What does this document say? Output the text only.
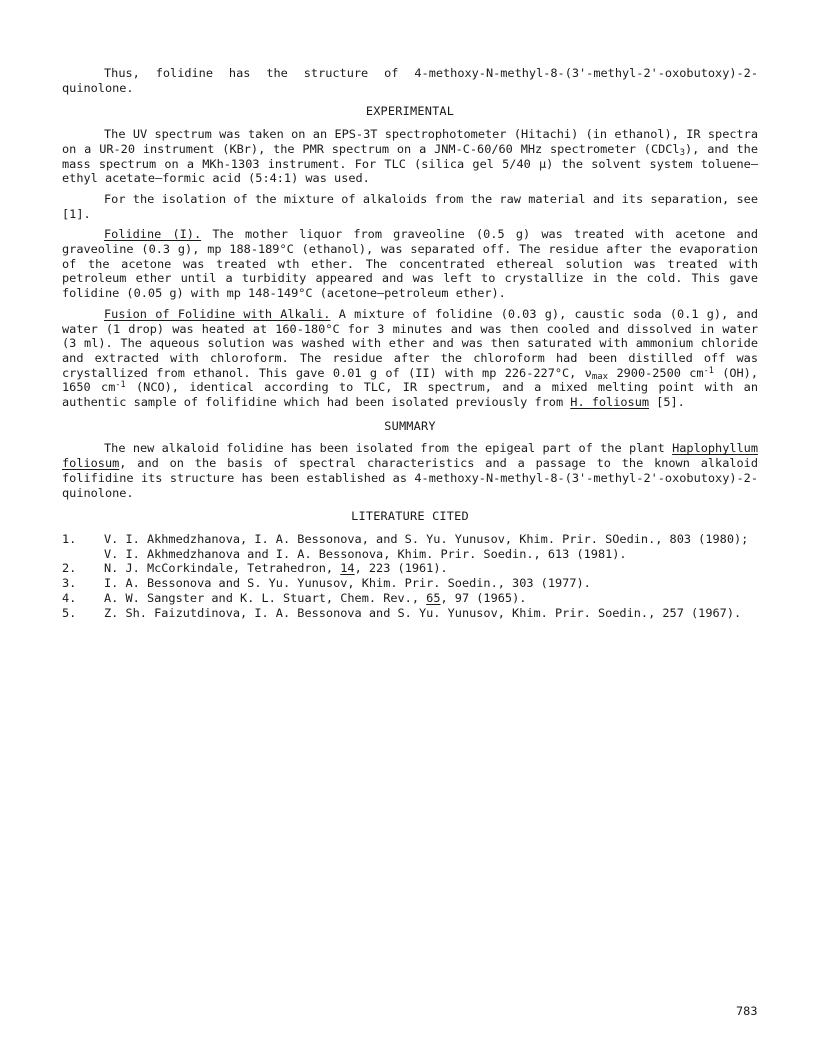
Thus, folidine has the structure of 4-methoxy-N-methyl-8-(3'-methyl-2'-oxobutoxy)-2-quinolone.

EXPERIMENTAL

The UV spectrum was taken on an EPS-3T spectrophotometer (Hitachi) (in ethanol), IR spectra on a UR-20 instrument (KBr), the PMR spectrum on a JNM-C-60/60 MHz spectrometer (CDCl$_3$), and the mass spectrum on a MKh-1303 instrument. For TLC (silica gel 5/40 μ) the solvent system toluene—ethyl acetate—formic acid (5:4:1) was used.

For the isolation of the mixture of alkaloids from the raw material and its separation, see [1].

Folidine (I). The mother liquor from graveoline (0.5 g) was treated with acetone and graveoline (0.3 g), mp 188-189°C (ethanol), was separated off. The residue after the evaporation of the acetone was treated wth ether. The concentrated ethereal solution was treated with petroleum ether until a turbidity appeared and was left to crystallize in the cold. This gave folidine (0.05 g) with mp 148-149°C (acetone—petroleum ether).

Fusion of Folidine with Alkali. A mixture of folidine (0.03 g), caustic soda (0.1 g), and water (1 drop) was heated at 160-180°C for 3 minutes and was then cooled and dissolved in water (3 ml). The aqueous solution was washed with ether and was then saturated with ammonium chloride and extracted with chloroform. The residue after the chloroform had been distilled off was crystallized from ethanol. This gave 0.01 g of (II) with mp 226-227°C, $\nu_{max}$ 2900-2500 $cm^{-1}$ (OH), 1650 $cm^{-1}$ (NCO), identical according to TLC, IR spectrum, and a mixed melting point with an authentic sample of folifidine which had been isolated previously from H. foliosum [5].

SUMMARY

The new alkaloid folidine has been isolated from the epigeal part of the plant Haplophyllum foliosum, and on the basis of spectral characteristics and a passage to the known alkaloid folifidine its structure has been established as 4-methoxy-N-methyl-8-(3'-methyl-2'-oxobutoxy)-2-quinolone.

LITERATURE CITED

1.	V. I. Akhmedzhanova, I. A. Bessonova, and S. Yu. Yunusov, Khim. Prir. SOedin., 803 (1980); V. I. Akhmedzhanova and I. A. Bessonova, Khim. Prir. Soedin., 613 (1981).
2.	N. J. McCorkindale, Tetrahedron, 14, 223 (1961).
3.	I. A. Bessonova and S. Yu. Yunusov, Khim. Prir. Soedin., 303 (1977).
4.	A. W. Sangster and K. L. Stuart, Chem. Rev., 65, 97 (1965).
5.	Z. Sh. Faizutdinova, I. A. Bessonova and S. Yu. Yunusov, Khim. Prir. Soedin., 257 (1967).
783
